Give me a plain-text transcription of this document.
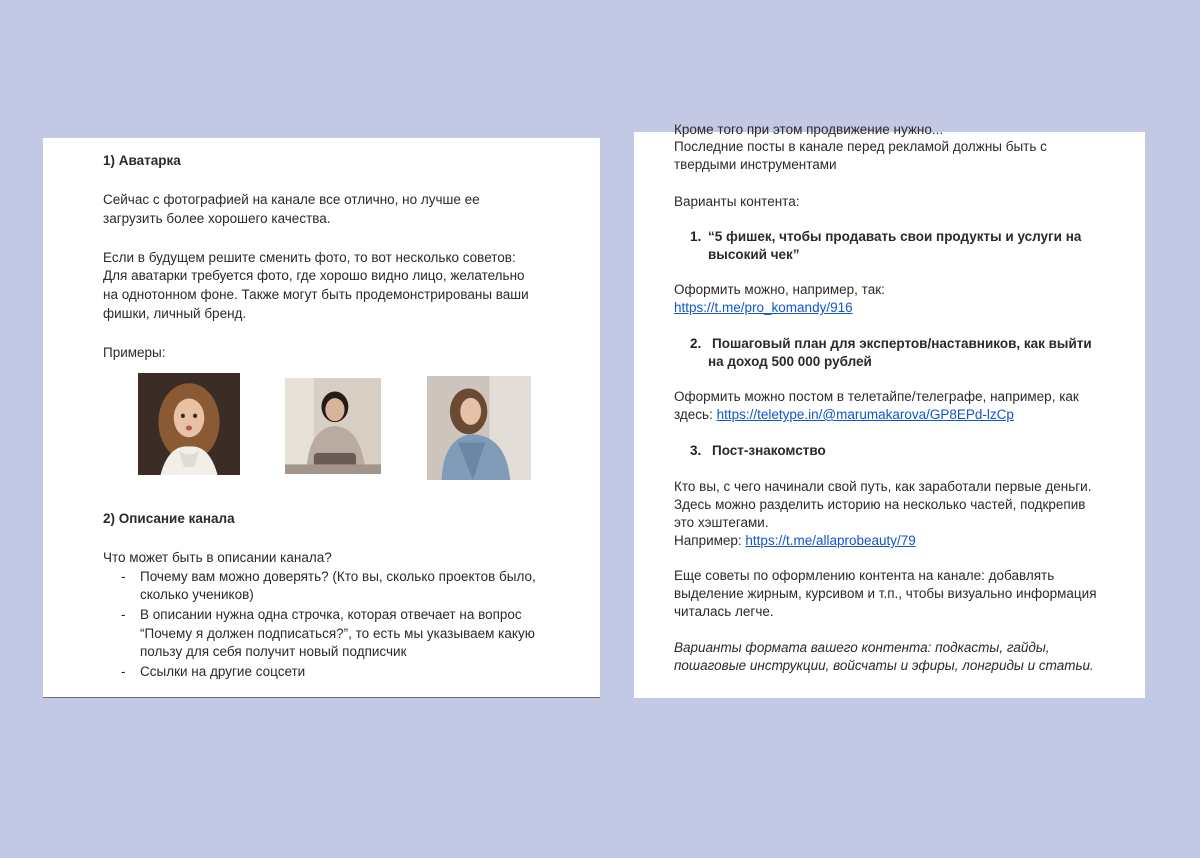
1) Аватарка
Сейчас с фотографией на канале все отлично, но лучше ее
загрузить более хорошего качества.
Если в будущем решите сменить фото, то вот несколько советов:
Для аватарки требуется фото, где хорошо видно лицо, желательно
на однотонном фоне. Также могут быть продемонстрированы ваши
фишки, личный бренд.
Примеры:
2) Описание канала
Что может быть в описании канала?
- Почему вам можно доверять? (Кто вы, сколько проектов было,
сколько учеников)
- В описании нужна одна строчка, которая отвечает на вопрос
“Почему я должен подписаться?”, то есть мы указываем какую
пользу для себя получит новый подписчик
- Ссылки на другие соцсети
Кроме того при этом продвижение нужно...
Последние посты в канале перед рекламой должны быть с
твердыми инструментами
Варианты контента:
1. “5 фишек, чтобы продавать свои продукты и услуги на
высокий чек”
Оформить можно, например, так:
https://t.me/pro_komandy/916
2. Пошаговый план для экспертов/наставников, как выйти
на доход 500 000 рублей
Оформить можно постом в телетайпе/телеграфе, например, как
здесь: https://teletype.in/@marumakarova/GP8EPd-lzCp
3. Пост-знакомство
Кто вы, с чего начинали свой путь, как заработали первые деньги.
Здесь можно разделить историю на несколько частей, подкрепив
это хэштегами.
Например: https://t.me/allaprobeauty/79
Еще советы по оформлению контента на канале: добавлять
выделение жирным, курсивом и т.п., чтобы визуально информация
читалась легче.
Варианты формата вашего контента: подкасты, гайды,
пошаговые инструкции, войсчаты и эфиры, лонгриды и статьи.
